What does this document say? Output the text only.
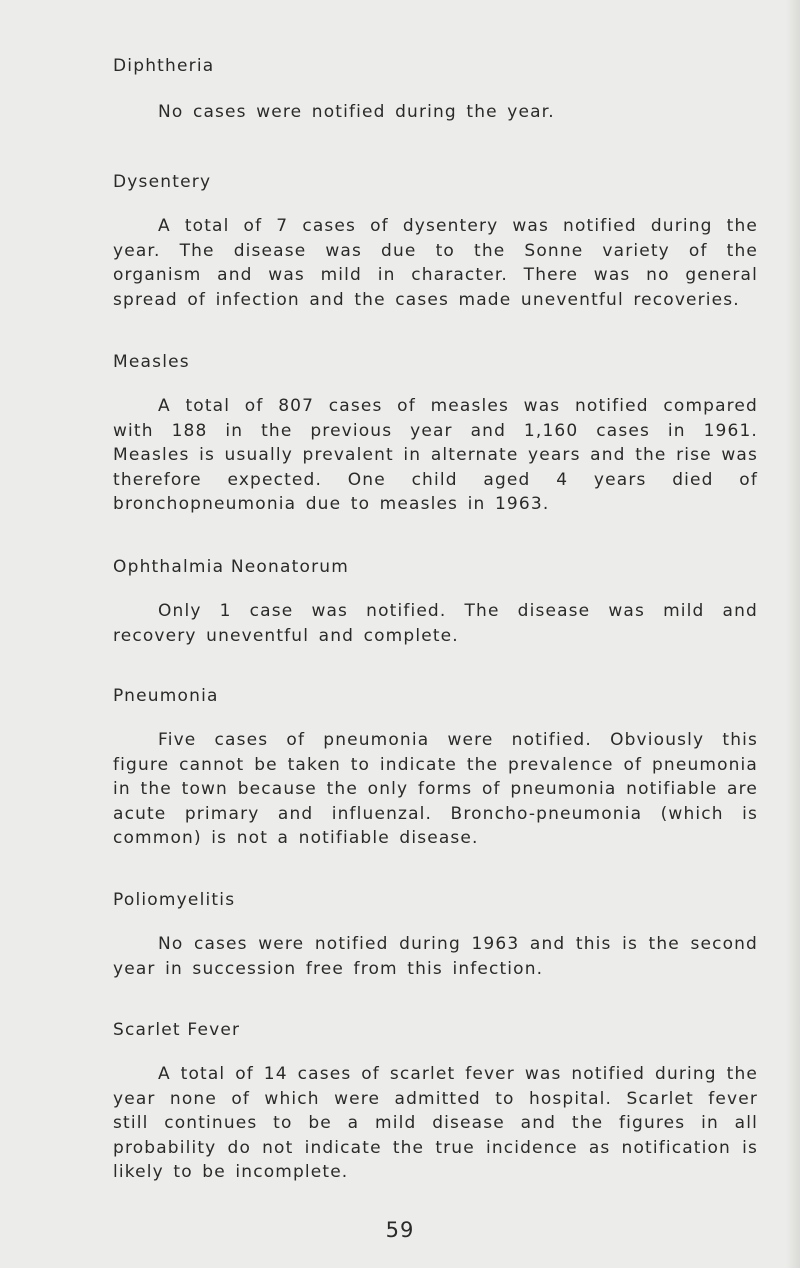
Diphtheria

No cases were notified during the year.

Dysentery

A total of 7 cases of dysentery was notified during the year. The disease was due to the Sonne variety of the organism and was mild in character. There was no general spread of infection and the cases made uneventful recoveries.

Measles

A total of 807 cases of measles was notified compared with 188 in the previous year and 1,160 cases in 1961. Measles is usually prevalent in alternate years and the rise was therefore expected. One child aged 4 years died of bronchopneumonia due to measles in 1963.

Ophthalmia Neonatorum

Only 1 case was notified. The disease was mild and recovery uneventful and complete.

Pneumonia

Five cases of pneumonia were notified. Obviously this figure cannot be taken to indicate the prevalence of pneumonia in the town because the only forms of pneumonia notifiable are acute primary and influenzal. Broncho-pneumonia (which is common) is not a notifiable disease.

Poliomyelitis

No cases were notified during 1963 and this is the second year in succession free from this infection.

Scarlet Fever

A total of 14 cases of scarlet fever was notified during the year none of which were admitted to hospital. Scarlet fever still continues to be a mild disease and the figures in all probability do not indicate the true incidence as notification is likely to be incomplete.

59
